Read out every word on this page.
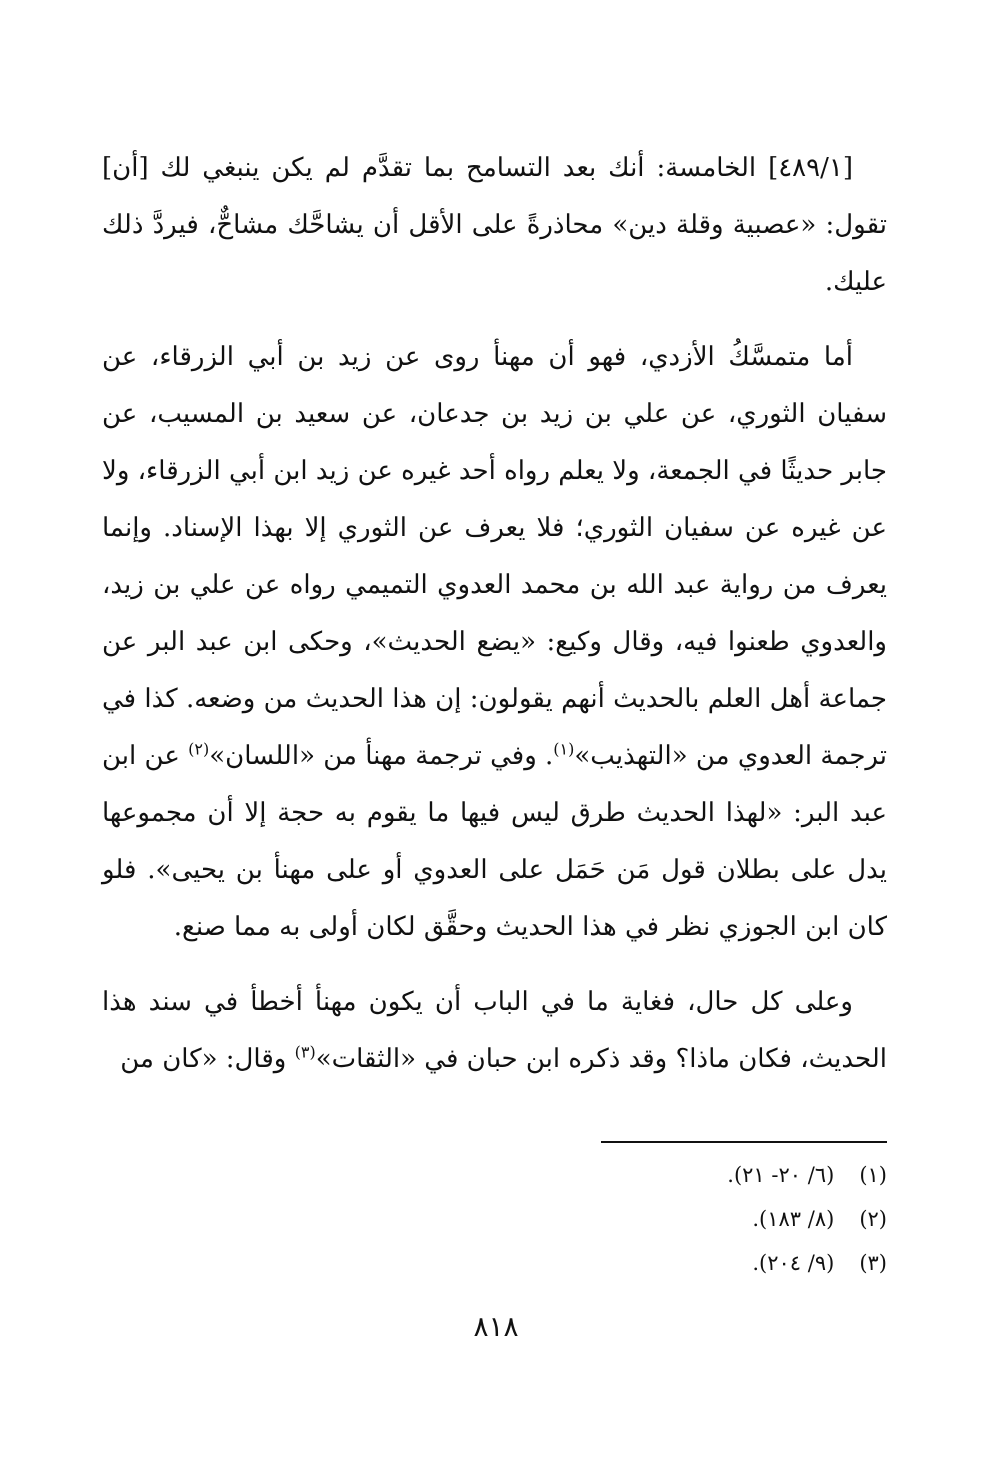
[٤٨٩/١] الخامسة: أنك بعد التسامح بما تقدَّم لم يكن ينبغي لك [أن] تقول: «عصبية وقلة دين» محاذرةً على الأقل أن يشاحَّك مشاحٌّ، فيردَّ ذلك عليك.

أما متمسَّكُ الأزدي، فهو أن مهنأ روى عن زيد بن أبي الزرقاء، عن سفيان الثوري، عن علي بن زيد بن جدعان، عن سعيد بن المسيب، عن جابر حديثًا في الجمعة، ولا يعلم رواه أحد غيره عن زيد ابن أبي الزرقاء، ولا عن غيره عن سفيان الثوري؛ فلا يعرف عن الثوري إلا بهذا الإسناد. وإنما يعرف من رواية عبد الله بن محمد العدوي التميمي رواه عن علي بن زيد، والعدوي طعنوا فيه، وقال وكيع: «يضع الحديث»، وحكى ابن عبد البر عن جماعة أهل العلم بالحديث أنهم يقولون: إن هذا الحديث من وضعه. كذا في ترجمة العدوي من «التهذيب»$^{(١)}$. وفي ترجمة مهنأ من «اللسان»$^{(٢)}$ عن ابن عبد البر: «لهذا الحديث طرق ليس فيها ما يقوم به حجة إلا أن مجموعها يدل على بطلان قول مَن حَمَل على العدوي أو على مهنأ بن يحيى». فلو كان ابن الجوزي نظر في هذا الحديث وحقَّق لكان أولى به مما صنع.

وعلى كل حال، فغاية ما في الباب أن يكون مهنأ أخطأ في سند هذا الحديث، فكان ماذا؟ وقد ذكره ابن حبان في «الثقات»$^{(٣)}$ وقال: «كان من

(١) (٦/ ٢٠- ٢١).
(٢) (٨/ ١٨٣).
(٣) (٩/ ٢٠٤).
٨١٨
